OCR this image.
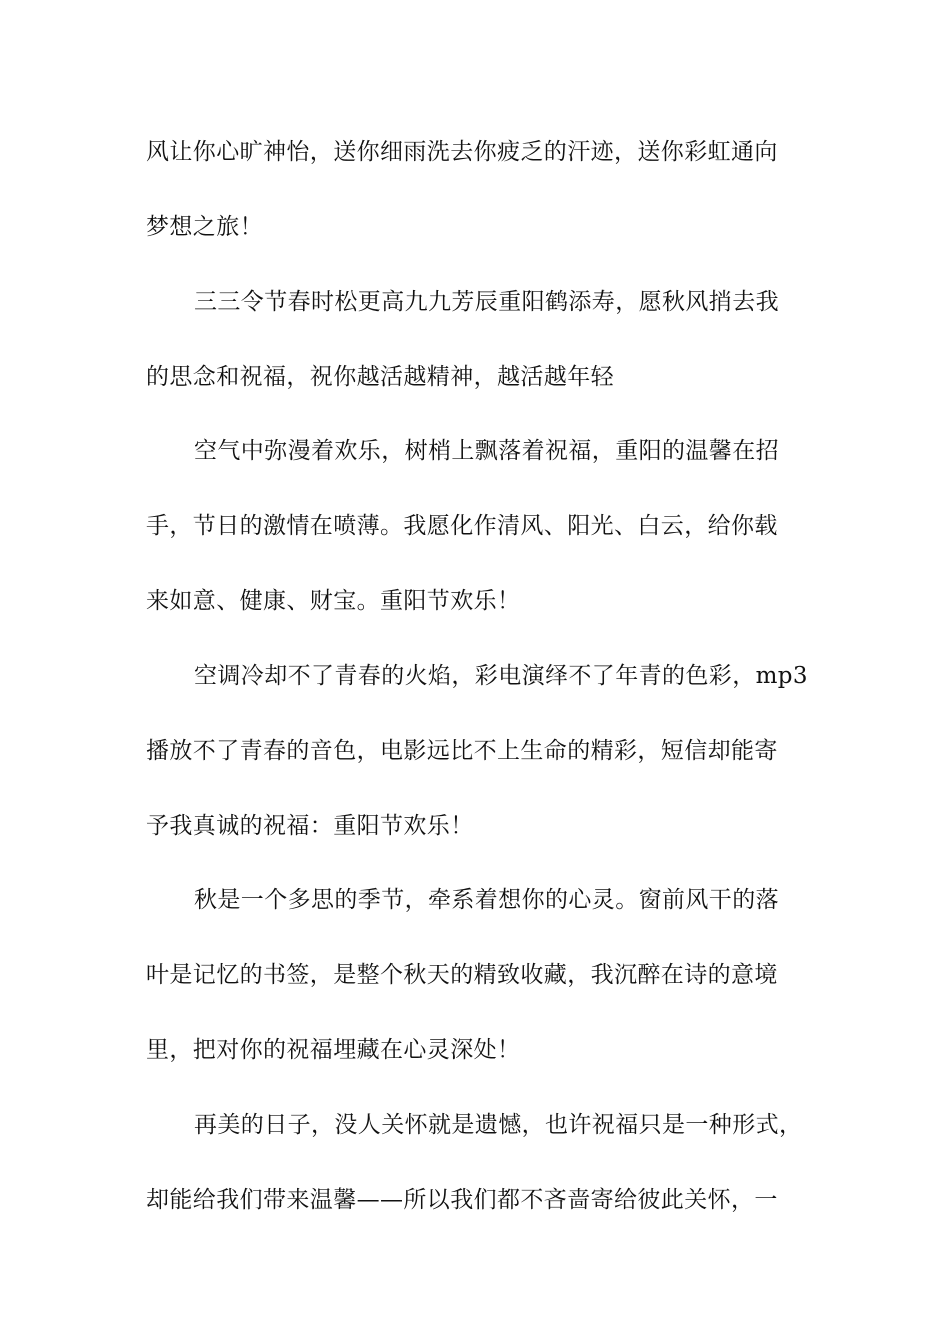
风让你心旷神怡，送你细雨洗去你疲乏的汗迹，送你彩虹通向
梦想之旅！
三三令节春时松更高九九芳辰重阳鹤添寿，愿秋风捎去我
的思念和祝福，祝你越活越精神，越活越年轻
空气中弥漫着欢乐，树梢上飘落着祝福，重阳的温馨在招
手，节日的激情在喷薄。我愿化作清风、阳光、白云，给你载
来如意、健康、财宝。重阳节欢乐！
空调冷却不了青春的火焰，彩电演绎不了年青的色彩，mp3
播放不了青春的音色，电影远比不上生命的精彩，短信却能寄
予我真诚的祝福：重阳节欢乐！
秋是一个多思的季节，牵系着想你的心灵。窗前风干的落
叶是记忆的书签，是整个秋天的精致收藏，我沉醉在诗的意境
里，把对你的祝福埋藏在心灵深处！
再美的日子，没人关怀就是遗憾，也许祝福只是一种形式，
却能给我们带来温馨——所以我们都不吝啬寄给彼此关怀，一
